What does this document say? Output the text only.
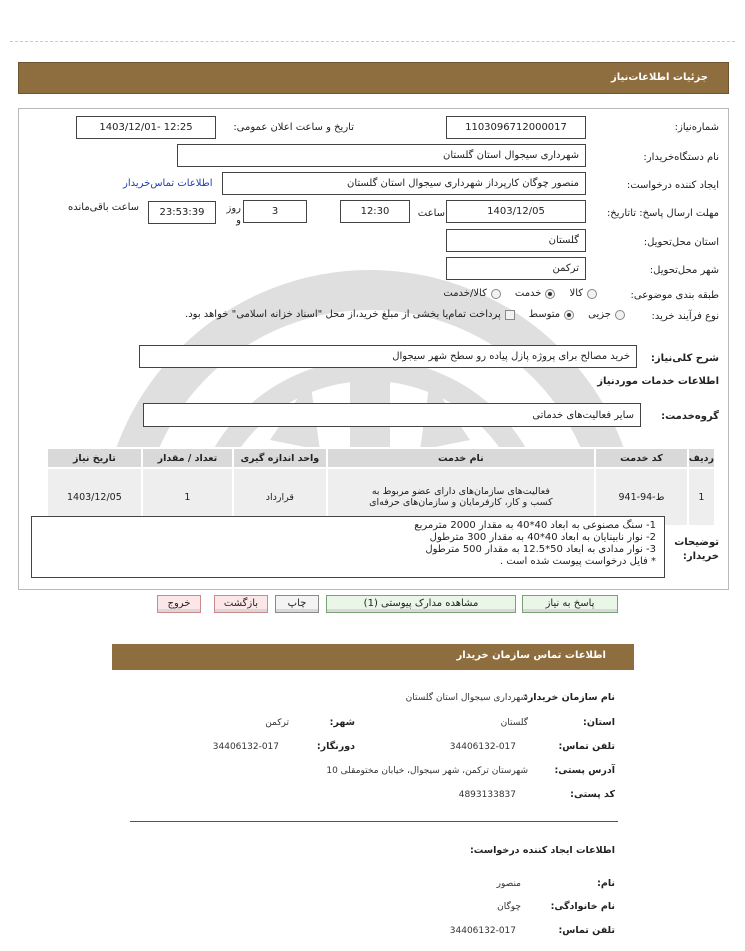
جزئیات اطلاعات‌نیاز
شماره‌نیاز:
1103096712000017
تاریخ و ساعت اعلان عمومی:
1403/12/01- 12:25
نام دستگاه‌خریدار:
شهرداری سیجوال استان گلستان
ایجاد کننده درخواست:
منصور چوگان کارپرداز شهرداری سیجوال استان گلستان
اطلاعات تماس‌خریدار
مهلت ارسال پاسخ: تاتاریخ:
1403/12/05
ساعت
12:30
روز و
3
23:53:39
ساعت باقی‌مانده
استان محل‌تحویل:
گلستان
شهر محل‌تحویل:
ترکمن
طبقه بندی موضوعی:
کالا
خدمت
کالا/خدمت
نوع فرآیند خرید:
جزیی
متوسط
پرداخت تمام‌یا بخشی از مبلغ خرید،از محل "اسناد خزانه اسلامی" خواهد بود.
شرح کلی‌نیاز:
خرید مصالح برای پروژه پازل پیاده رو سطح شهر سیجوال
اطلاعات خدمات موردنیاز
گروه‌خدمت:
سایر فعالیت‌های خدماتی
ردیف	کد خدمت	نام خدمت	واحد اندازه گیری	تعداد / مقدار	تاریخ نیاز
1	ط-94-941	فعالیت‌های سازمان‌های دارای عضو مربوط به کسب و کار، کارفرمایان و سازمان‌های حرفه‌ای	قرارداد	1	1403/12/05
توضیحات خریدار:
1- سنگ مصنوعی به ابعاد 40*40 به مقدار 2000 مترمربع
2- نوار نابینایان به ابعاد 40*40 به مقدار 300 مترطول
3- نوار مدادی به ابعاد 50*12.5 به مقدار 500 مترطول
* فایل درخواست پیوست شده است .
پاسخ به نیاز
مشاهده مدارک پیوستی (1)
چاپ
بازگشت
خروج
اطلاعات تماس سازمان خریدار
نام سازمان خریدار:
شهرداری سیجوال استان گلستان
استان:
گلستان
شهر:
ترکمن
تلفن تماس:
34406132-017
دورنگار:
34406132-017
آدرس پستی:
شهرستان ترکمن، شهر سیجوال، خیابان مختومقلی 10
کد پستی:
4893133837
اطلاعات ایجاد کننده درخواست:
نام:
منصور
نام خانوادگی:
چوگان
تلفن تماس:
34406132-017
